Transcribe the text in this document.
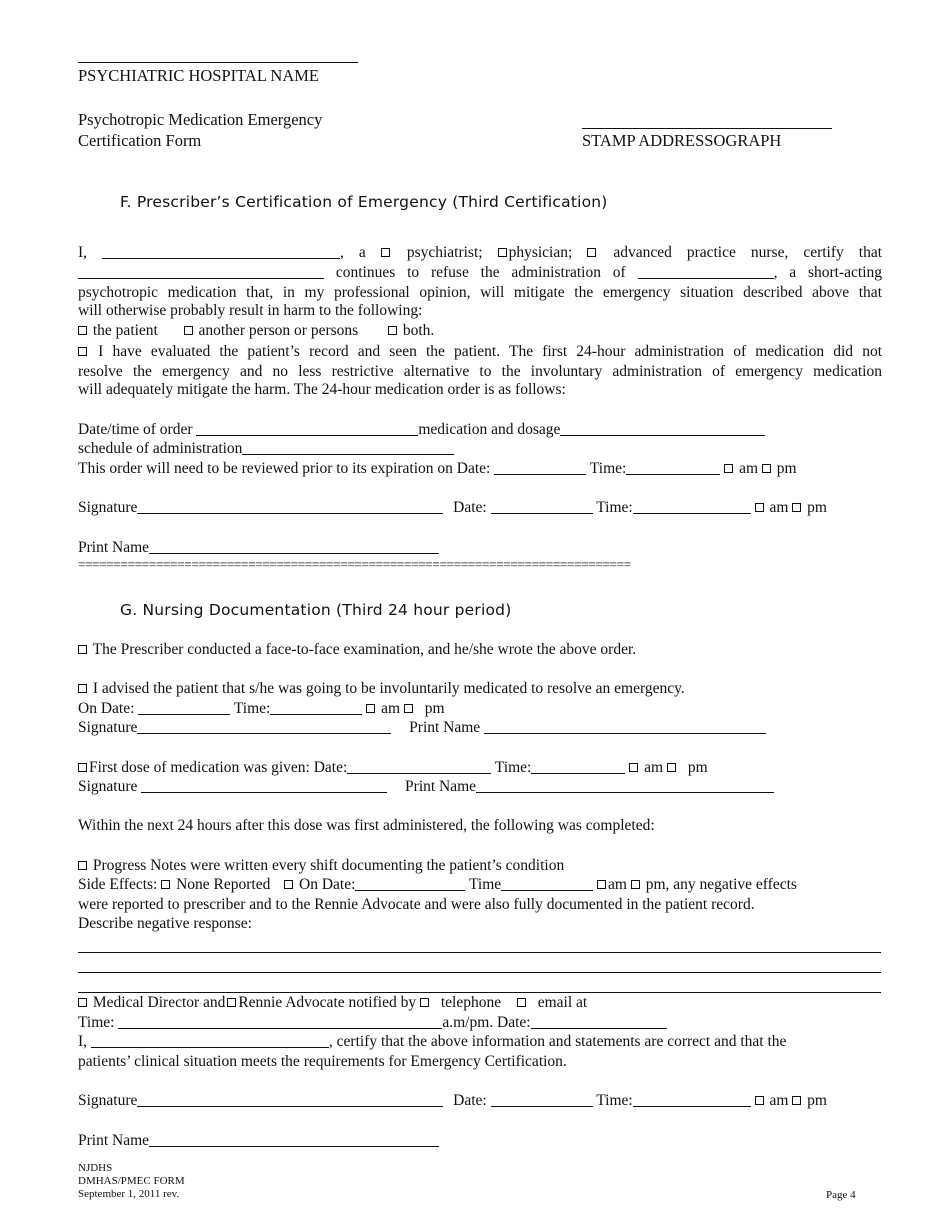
PSYCHIATRIC HOSPITAL NAME
Psychotropic Medication Emergency
Certification Form	STAMP ADDRESSOGRAPH
F. Prescriber’s Certification of Emergency (Third Certification)
I,	, a	psychiatrist; physician;	advanced practice nurse, certify that
continues to refuse the administration of	, a short-acting
psychotropic medication that, in my professional opinion, will mitigate the emergency situation described above that
will otherwise probably result in harm to the following:
the patient	another person or persons	both.
I have evaluated the patient’s record and seen the patient. The first 24-hour administration of medication did not
resolve the emergency and no less restrictive alternative to the involuntary administration of emergency medication
will adequately mitigate the harm. The 24-hour medication order is as follows:
Date/time of order	medication and dosage
schedule of administration
This order will need to be reviewed prior to its expiration on Date:	Time:	am pm
Signature	Date:	Time:	am pm
Print Name
==============================================================================
G. Nursing Documentation (Third 24 hour period)
The Prescriber conducted a face-to-face examination, and he/she wrote the above order.
I advised the patient that s/he was going to be involuntarily medicated to resolve an emergency.
On Date:	Time:	am pm
Signature	Print Name
First dose of medication was given: Date:	Time:	am pm
Signature	Print Name
Within the next 24 hours after this dose was first administered, the following was completed:
Progress Notes were written every shift documenting the patient’s condition
Side Effects: None Reported On Date:	Time	am pm, any negative effects
were reported to prescriber and to the Rennie Advocate and were also fully documented in the patient record.
Describe negative response:
Medical Director and Rennie Advocate notified by telephone email at
Time:	a.m/pm. Date:
I,	, certify that the above information and statements are correct and that the
patients’ clinical situation meets the requirements for Emergency Certification.
Signature	Date:	Time:	am pm
Print Name
NJDHS
DMHAS/PMEC FORM
September 1, 2011 rev.	Page 4
